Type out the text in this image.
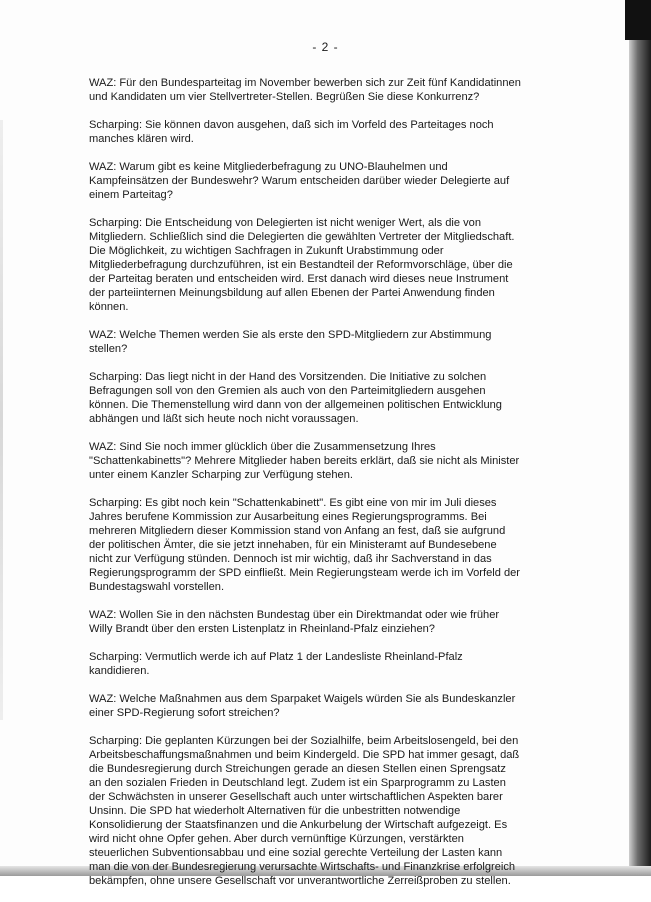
- 2 -

WAZ: Für den Bundesparteitag im November bewerben sich zur Zeit fünf Kandidatinnen und Kandidaten um vier Stellvertreter-Stellen. Begrüßen Sie diese Konkurrenz?

Scharping: Sie können davon ausgehen, daß sich im Vorfeld des Parteitages noch manches klären wird.

WAZ: Warum gibt es keine Mitgliederbefragung zu UNO-Blauhelmen und Kampfeinsätzen der Bundeswehr? Warum entscheiden darüber wieder Delegierte auf einem Parteitag?

Scharping: Die Entscheidung von Delegierten ist nicht weniger Wert, als die von Mitgliedern. Schließlich sind die Delegierten die gewählten Vertreter der Mitgliedschaft. Die Möglichkeit, zu wichtigen Sachfragen in Zukunft Urabstimmung oder Mitgliederbefragung durchzuführen, ist ein Bestandteil der Reformvorschläge, über die der Parteitag beraten und entscheiden wird. Erst danach wird dieses neue Instrument der parteiinternen Meinungsbildung auf allen Ebenen der Partei Anwendung finden können.

WAZ: Welche Themen werden Sie als erste den SPD-Mitgliedern zur Abstimmung stellen?

Scharping: Das liegt nicht in der Hand des Vorsitzenden. Die Initiative zu solchen Befragungen soll von den Gremien als auch von den Parteimitgliedern ausgehen können. Die Themenstellung wird dann von der allgemeinen politischen Entwicklung abhängen und läßt sich heute noch nicht voraussagen.

WAZ: Sind Sie noch immer glücklich über die Zusammensetzung Ihres "Schattenkabinetts"? Mehrere Mitglieder haben bereits erklärt, daß sie nicht als Minister unter einem Kanzler Scharping zur Verfügung stehen.

Scharping: Es gibt noch kein "Schattenkabinett". Es gibt eine von mir im Juli dieses Jahres berufene Kommission zur Ausarbeitung eines Regierungsprogramms. Bei mehreren Mitgliedern dieser Kommission stand von Anfang an fest, daß sie aufgrund der politischen Ämter, die sie jetzt innehaben, für ein Ministeramt auf Bundesebene nicht zur Verfügung stünden. Dennoch ist mir wichtig, daß ihr Sachverstand in das Regierungsprogramm der SPD einfließt. Mein Regierungsteam werde ich im Vorfeld der Bundestagswahl vorstellen.

WAZ: Wollen Sie in den nächsten Bundestag über ein Direktmandat oder wie früher Willy Brandt über den ersten Listenplatz in Rheinland-Pfalz einziehen?

Scharping: Vermutlich werde ich auf Platz 1 der Landesliste Rheinland-Pfalz kandidieren.

WAZ: Welche Maßnahmen aus dem Sparpaket Waigels würden Sie als Bundeskanzler einer SPD-Regierung sofort streichen?

Scharping: Die geplanten Kürzungen bei der Sozialhilfe, beim Arbeitslosengeld, bei den Arbeitsbeschaffungsmaßnahmen und beim Kindergeld. Die SPD hat immer gesagt, daß die Bundesregierung durch Streichungen gerade an diesen Stellen einen Sprengsatz an den sozialen Frieden in Deutschland legt. Zudem ist ein Sparprogramm zu Lasten der Schwächsten in unserer Gesellschaft auch unter wirtschaftlichen Aspekten barer Unsinn. Die SPD hat wiederholt Alternativen für die unbestritten notwendige Konsolidierung der Staatsfinanzen und die Ankurbelung der Wirtschaft aufgezeigt. Es wird nicht ohne Opfer gehen. Aber durch vernünftige Kürzungen, verstärkten steuerlichen Subventionsabbau und eine sozial gerechte Verteilung der Lasten kann man die von der Bundesregierung verursachte Wirtschafts- und Finanzkrise erfolgreich bekämpfen, ohne unsere Gesellschaft vor unverantwortliche Zerreißproben zu stellen.
